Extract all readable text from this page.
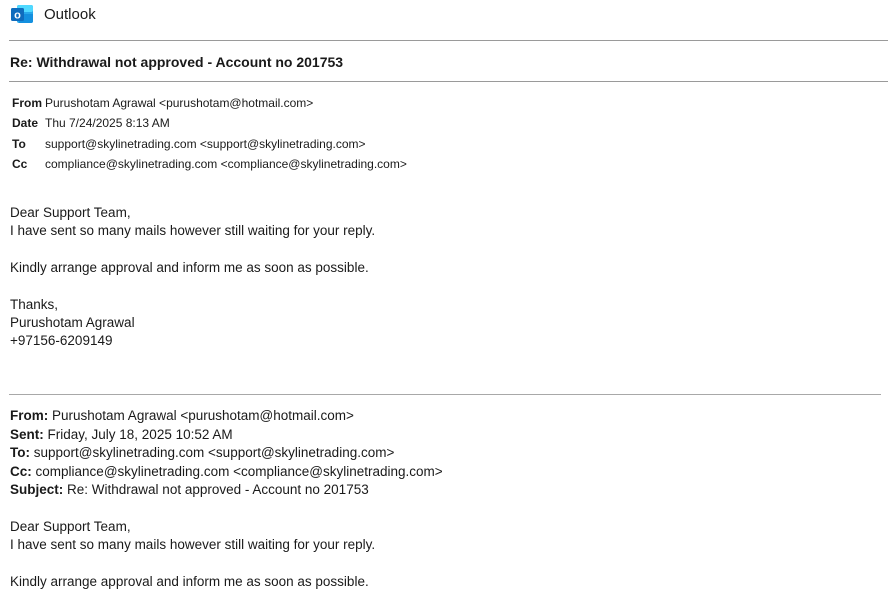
o Outlook
Re: Withdrawal not approved - Account no 201753
From Purushotam Agrawal <purushotam@hotmail.com>
Date Thu 7/24/2025 8:13 AM
To support@skylinetrading.com <support@skylinetrading.com>
Cc compliance@skylinetrading.com <compliance@skylinetrading.com>
Dear Support Team,
I have sent so many mails however still waiting for your reply.
Kindly arrange approval and inform me as soon as possible.
Thanks,
Purushotam Agrawal
+97156-6209149
From: Purushotam Agrawal <purushotam@hotmail.com>
Sent: Friday, July 18, 2025 10:52 AM
To: support@skylinetrading.com <support@skylinetrading.com>
Cc: compliance@skylinetrading.com <compliance@skylinetrading.com>
Subject: Re: Withdrawal not approved - Account no 201753
Dear Support Team,
I have sent so many mails however still waiting for your reply.
Kindly arrange approval and inform me as soon as possible.
